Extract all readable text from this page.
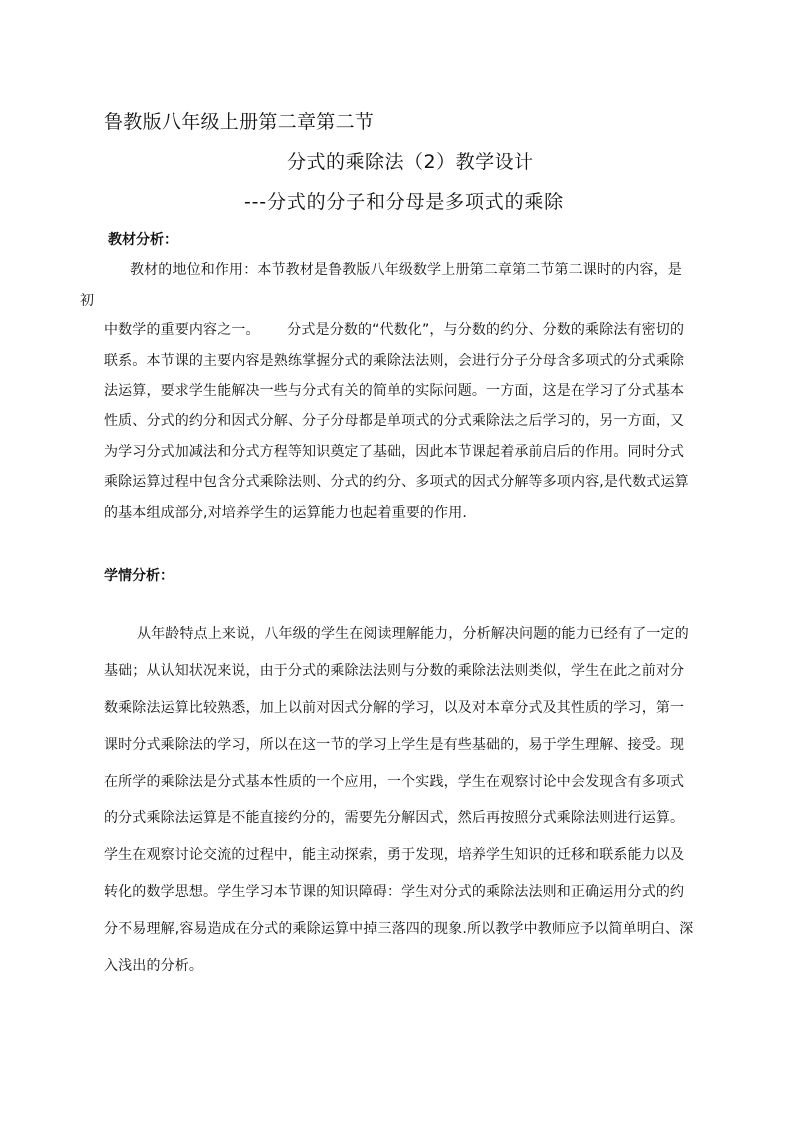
鲁教版八年级上册第二章第二节

分式的乘除法（2）教学设计

---分式的分子和分母是多项式的乘除

教材分析：

教材的地位和作用：本节教材是鲁教版八年级数学上册第二章第二节第二课时的内容，是

初

中数学的重要内容之一。      分式是分数的“代数化”，与分数的约分、分数的乘除法有密切的

联系。本节课的主要内容是熟练掌握分式的乘除法法则，会进行分子分母含多项式的分式乘除

法运算，要求学生能解决一些与分式有关的简单的实际问题。一方面，这是在学习了分式基本

性质、分式的约分和因式分解、分子分母都是单项式的分式乘除法之后学习的，另一方面，又

为学习分式加减法和分式方程等知识奠定了基础，因此本节课起着承前启后的作用。同时分式

乘除运算过程中包含分式乘除法则、分式的约分、多项式的因式分解等多项内容,是代数式运算

的基本组成部分,对培养学生的运算能力也起着重要的作用.

学情分析：

从年龄特点上来说，八年级的学生在阅读理解能力，分析解决问题的能力已经有了一定的

基础；从认知状况来说，由于分式的乘除法法则与分数的乘除法法则类似，学生在此之前对分

数乘除法运算比较熟悉，加上以前对因式分解的学习，以及对本章分式及其性质的学习，第一

课时分式乘除法的学习，所以在这一节的学习上学生是有些基础的，易于学生理解、接受。现

在所学的乘除法是分式基本性质的一个应用，一个实践，学生在观察讨论中会发现含有多项式

的分式乘除法运算是不能直接约分的，需要先分解因式，然后再按照分式乘除法则进行运算。

学生在观察讨论交流的过程中，能主动探索，勇于发现，培养学生知识的迁移和联系能力以及

转化的数学思想。学生学习本节课的知识障碍：学生对分式的乘除法法则和正确运用分式的约

分不易理解,容易造成在分式的乘除运算中掉三落四的现象.所以教学中教师应予以简单明白、深

入浅出的分析。
